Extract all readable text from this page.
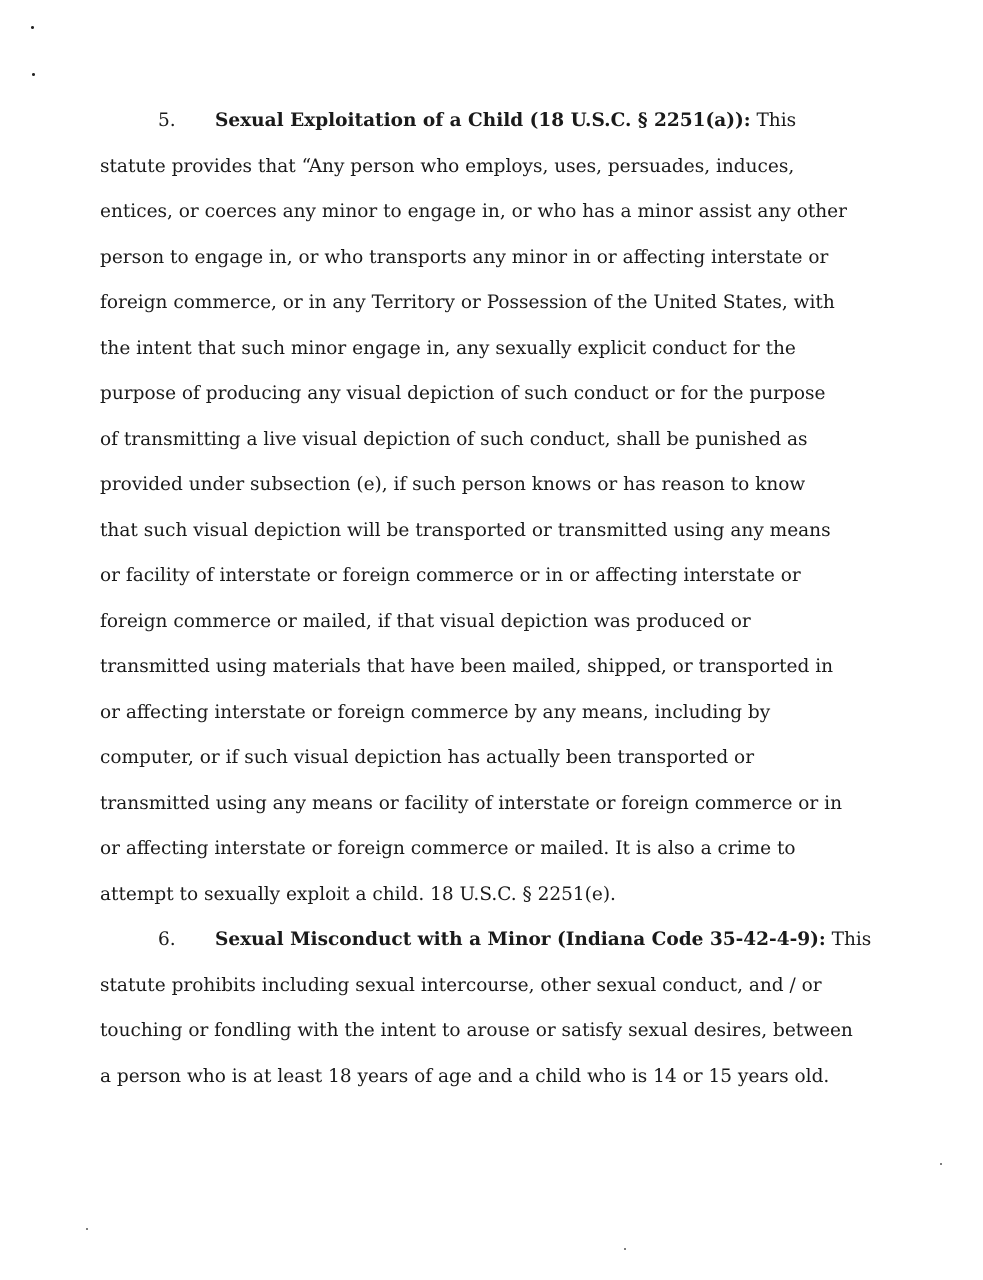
5. Sexual Exploitation of a Child (18 U.S.C. § 2251(a)): This
statute provides that “Any person who employs, uses, persuades, induces,
entices, or coerces any minor to engage in, or who has a minor assist any other
person to engage in, or who transports any minor in or affecting interstate or
foreign commerce, or in any Territory or Possession of the United States, with
the intent that such minor engage in, any sexually explicit conduct for the
purpose of producing any visual depiction of such conduct or for the purpose
of transmitting a live visual depiction of such conduct, shall be punished as
provided under subsection (e), if such person knows or has reason to know
that such visual depiction will be transported or transmitted using any means
or facility of interstate or foreign commerce or in or affecting interstate or
foreign commerce or mailed, if that visual depiction was produced or
transmitted using materials that have been mailed, shipped, or transported in
or affecting interstate or foreign commerce by any means, including by
computer, or if such visual depiction has actually been transported or
transmitted using any means or facility of interstate or foreign commerce or in
or affecting interstate or foreign commerce or mailed. It is also a crime to
attempt to sexually exploit a child. 18 U.S.C. § 2251(e).
6. Sexual Misconduct with a Minor (Indiana Code 35-42-4-9): This
statute prohibits including sexual intercourse, other sexual conduct, and / or
touching or fondling with the intent to arouse or satisfy sexual desires, between
a person who is at least 18 years of age and a child who is 14 or 15 years old.
